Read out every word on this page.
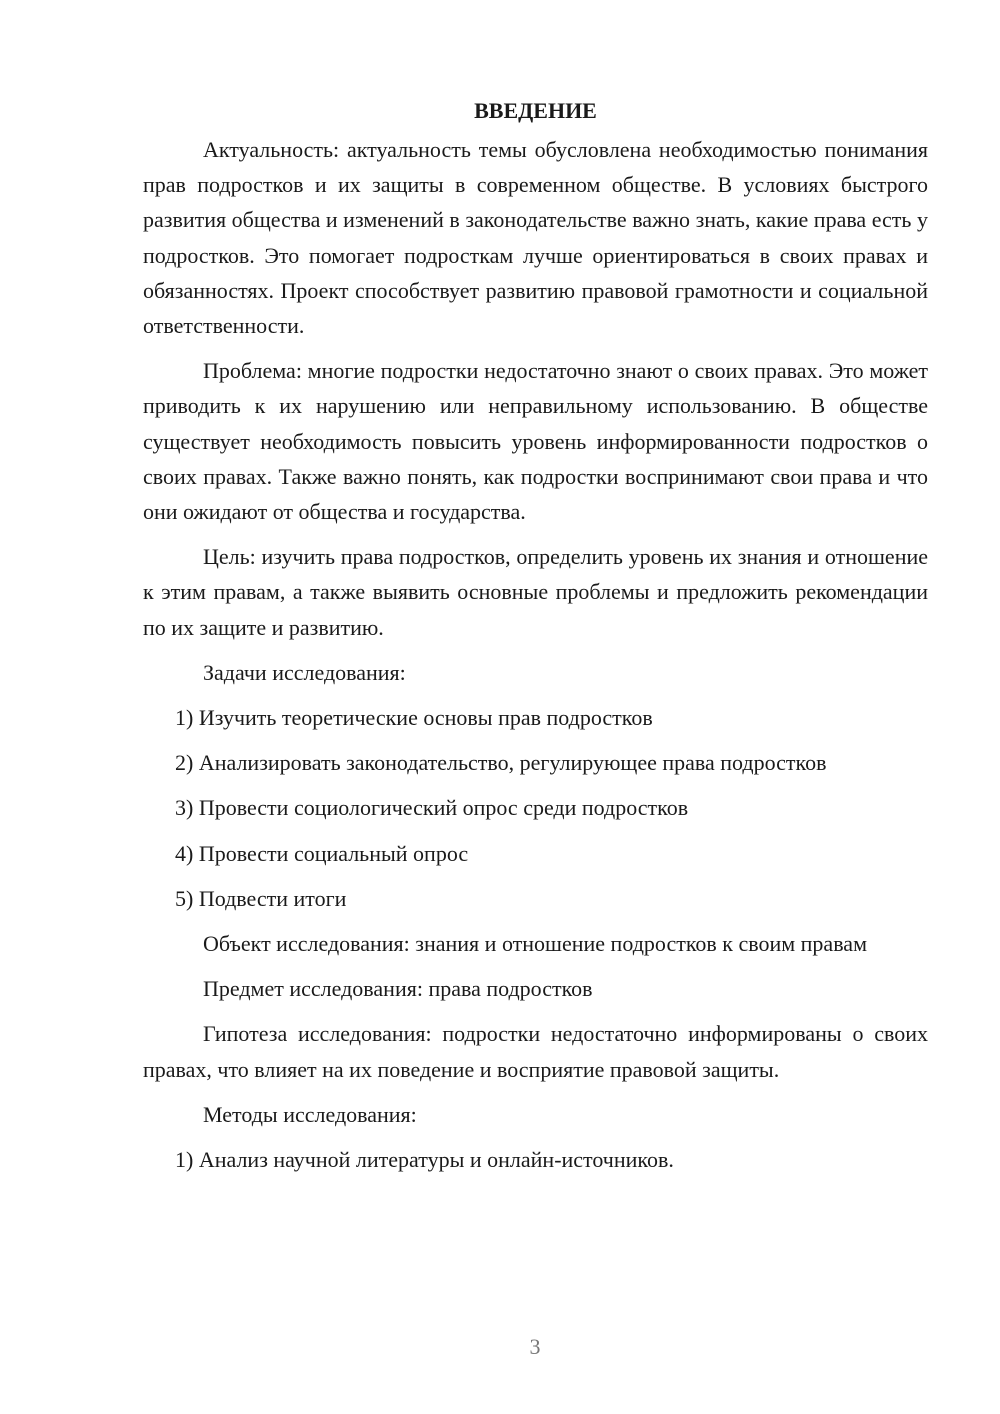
ВВЕДЕНИЕ

Актуальность: актуальность темы обусловлена необходимостью понимания прав подростков и их защиты в современном обществе. В условиях быстрого развития общества и изменений в законодательстве важно знать, какие права есть у подростков. Это помогает подросткам лучше ориентироваться в своих правах и обязанностях. Проект способствует развитию правовой грамотности и социальной ответственности.

Проблема: многие подростки недостаточно знают о своих правах. Это может приводить к их нарушению или неправильному использованию. В обществе существует необходимость повысить уровень информированности подростков о своих правах. Также важно понять, как подростки воспринимают свои права и что они ожидают от общества и государства.

Цель: изучить права подростков, определить уровень их знания и отношение к этим правам, а также выявить основные проблемы и предложить рекомендации по их защите и развитию.

Задачи исследования:

1) Изучить теоретические основы прав подростков

2) Анализировать законодательство, регулирующее права подростков

3) Провести социологический опрос среди подростков

4) Провести социальный опрос

5) Подвести итоги

Объект исследования: знания и отношение подростков к своим правам

Предмет исследования: права подростков

Гипотеза исследования: подростки недостаточно информированы о своих правах, что влияет на их поведение и восприятие правовой защиты.

Методы исследования:

1) Анализ научной литературы и онлайн-источников.

3
